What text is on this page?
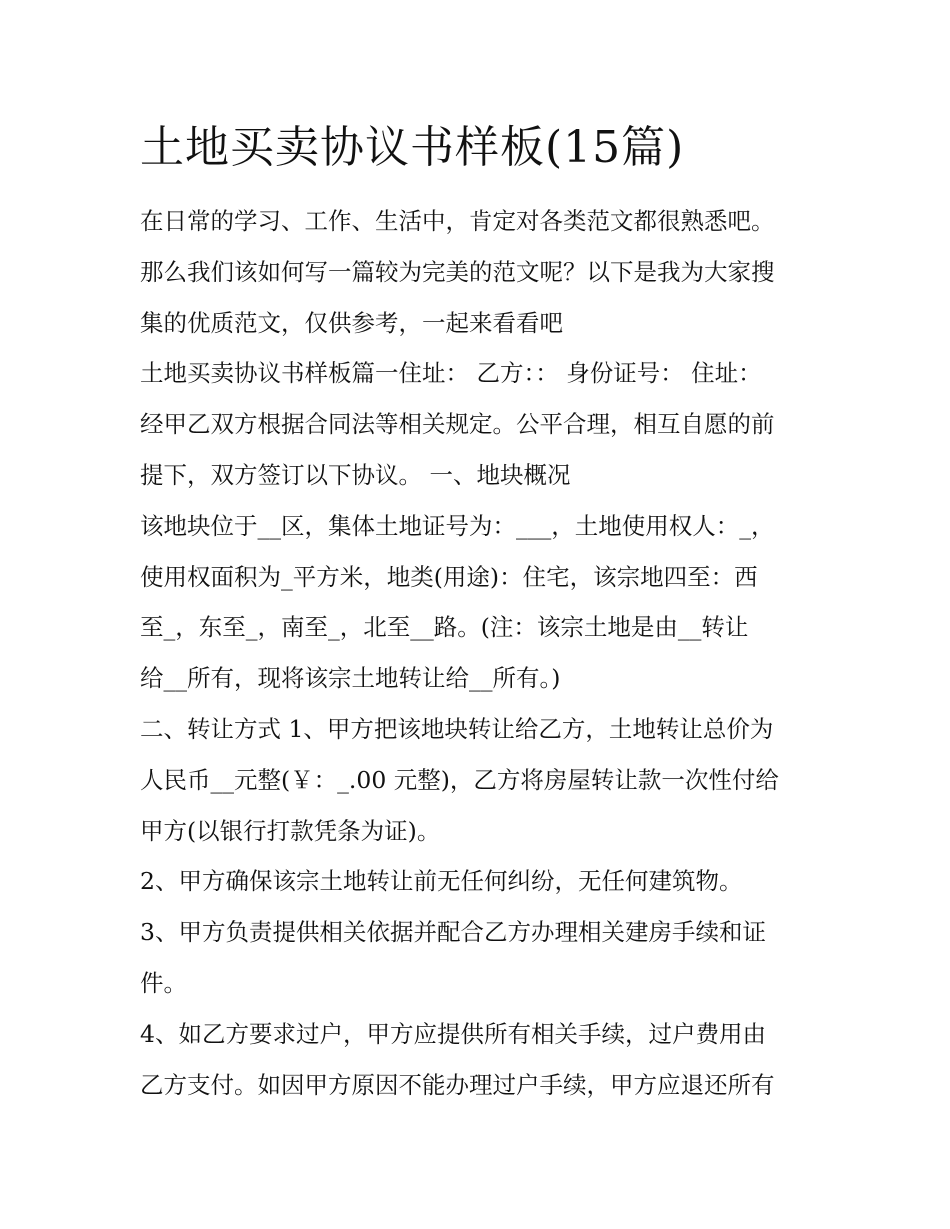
土地买卖协议书样板(15篇)
在日常的学习、工作、生活中，肯定对各类范文都很熟悉吧。
那么我们该如何写一篇较为完美的范文呢？以下是我为大家搜
集的优质范文，仅供参考，一起来看看吧
土地买卖协议书样板篇一住址： 乙方：： 身份证号： 住址：
经甲乙双方根据合同法等相关规定。公平合理，相互自愿的前
提下，双方签订以下协议。 一、地块概况
该地块位于__区，集体土地证号为：___，土地使用权人：_，
使用权面积为_平方米，地类(用途)：住宅，该宗地四至：西
至_，东至_，南至_，北至__路。(注：该宗土地是由__转让
给__所有，现将该宗土地转让给__所有。)
二、转让方式 1、甲方把该地块转让给乙方，土地转让总价为
人民币__元整(￥：_.00 元整)，乙方将房屋转让款一次性付给
甲方(以银行打款凭条为证)。
2、甲方确保该宗土地转让前无任何纠纷，无任何建筑物。
3、甲方负责提供相关依据并配合乙方办理相关建房手续和证
件。
4、如乙方要求过户，甲方应提供所有相关手续，过户费用由
乙方支付。如因甲方原因不能办理过户手续，甲方应退还所有
